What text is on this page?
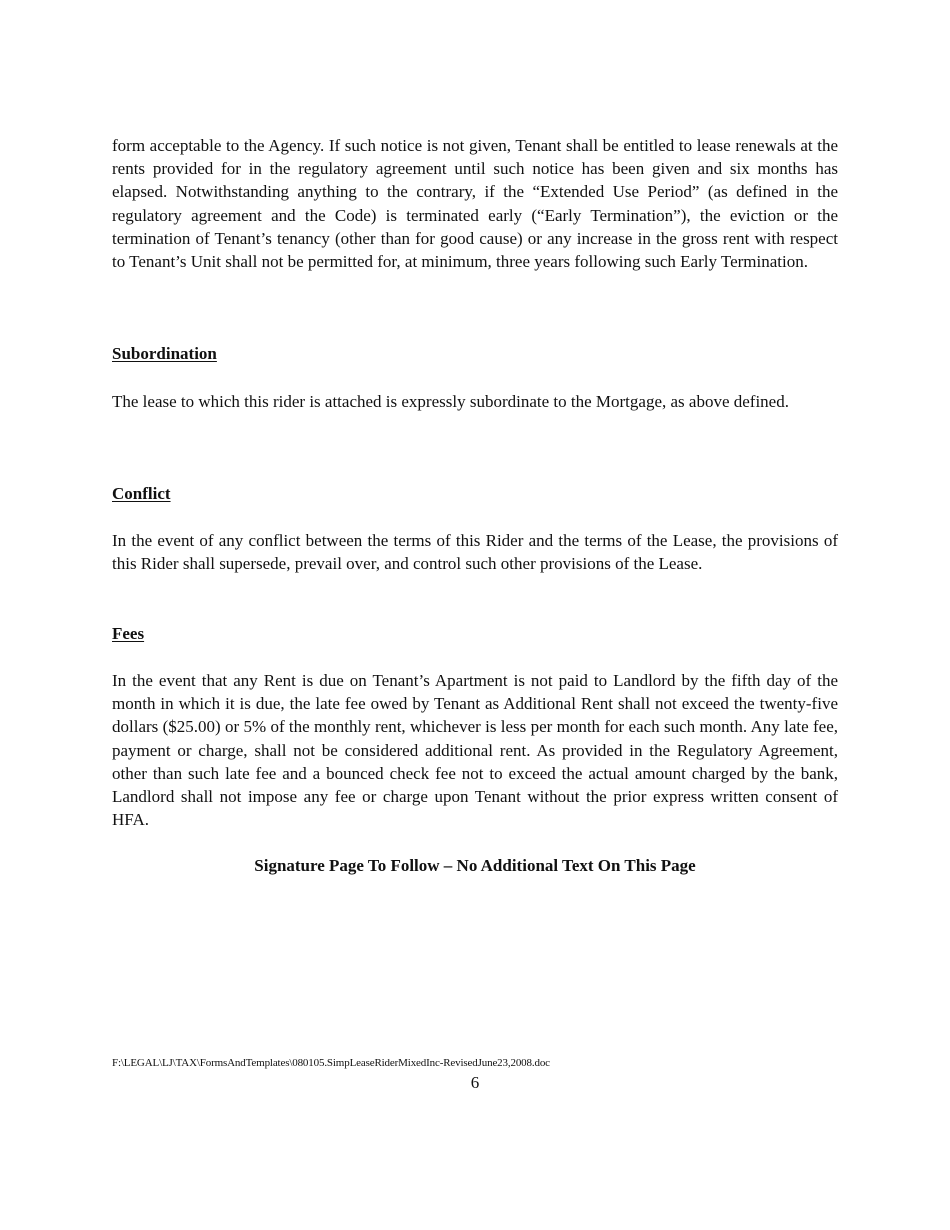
form acceptable to the Agency. If such notice is not given, Tenant shall be entitled to lease renewals at the rents provided for in the regulatory agreement until such notice has been given and six months has elapsed. Notwithstanding anything to the contrary, if the “Extended Use Period” (as defined in the regulatory agreement and the Code) is terminated early (“Early Termination”), the eviction or the termination of Tenant’s tenancy (other than for good cause) or any increase in the gross rent with respect to Tenant’s Unit shall not be permitted for, at minimum, three years following such Early Termination.

Subordination

The lease to which this rider is attached is expressly subordinate to the Mortgage, as above defined.

Conflict

In the event of any conflict between the terms of this Rider and the terms of the Lease, the provisions of this Rider shall supersede, prevail over, and control such other provisions of the Lease.

Fees

In the event that any Rent is due on Tenant’s Apartment is not paid to Landlord by the fifth day of the month in which it is due, the late fee owed by Tenant as Additional Rent shall not exceed the twenty-five dollars ($25.00) or 5% of the monthly rent, whichever is less per month for each such month. Any late fee, payment or charge, shall not be considered additional rent. As provided in the Regulatory Agreement, other than such late fee and a bounced check fee not to exceed the actual amount charged by the bank, Landlord shall not impose any fee or charge upon Tenant without the prior express written consent of HFA.

Signature Page To Follow – No Additional Text On This Page

F:\LEGAL\LJ\TAX\FormsAndTemplates\080105.SimpLeaseRiderMixedInc-RevisedJune23,2008.doc

6
